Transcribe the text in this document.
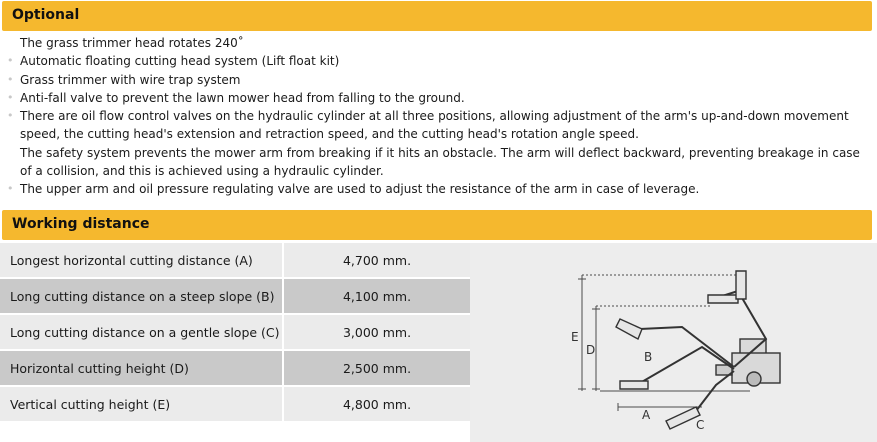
Optional
The grass trimmer head rotates 240˚
• Automatic floating cutting head system (Lift float kit)
• Grass trimmer with wire trap system
• Anti-fall valve to prevent the lawn mower head from falling to the ground.
• There are oil flow control valves on the hydraulic cylinder at all three positions, allowing adjustment of the arm's up-and-down movement speed, the cutting head's extension and retraction speed, and the cutting head's rotation angle speed.
The safety system prevents the mower arm from breaking if it hits an obstacle. The arm will deflect backward, preventing breakage in case of a collision, and this is achieved using a hydraulic cylinder.
• The upper arm and oil pressure regulating valve are used to adjust the resistance of the arm in case of leverage.
Working distance
Longest horizontal cutting distance (A)	4,700 mm.
Long cutting distance on a steep slope (B)	4,100 mm.
Long cutting distance on a gentle slope (C)	3,000 mm.
Horizontal cutting height (D)	2,500 mm.
Vertical cutting height (E)	4,800 mm.
E
D	B
A
C
